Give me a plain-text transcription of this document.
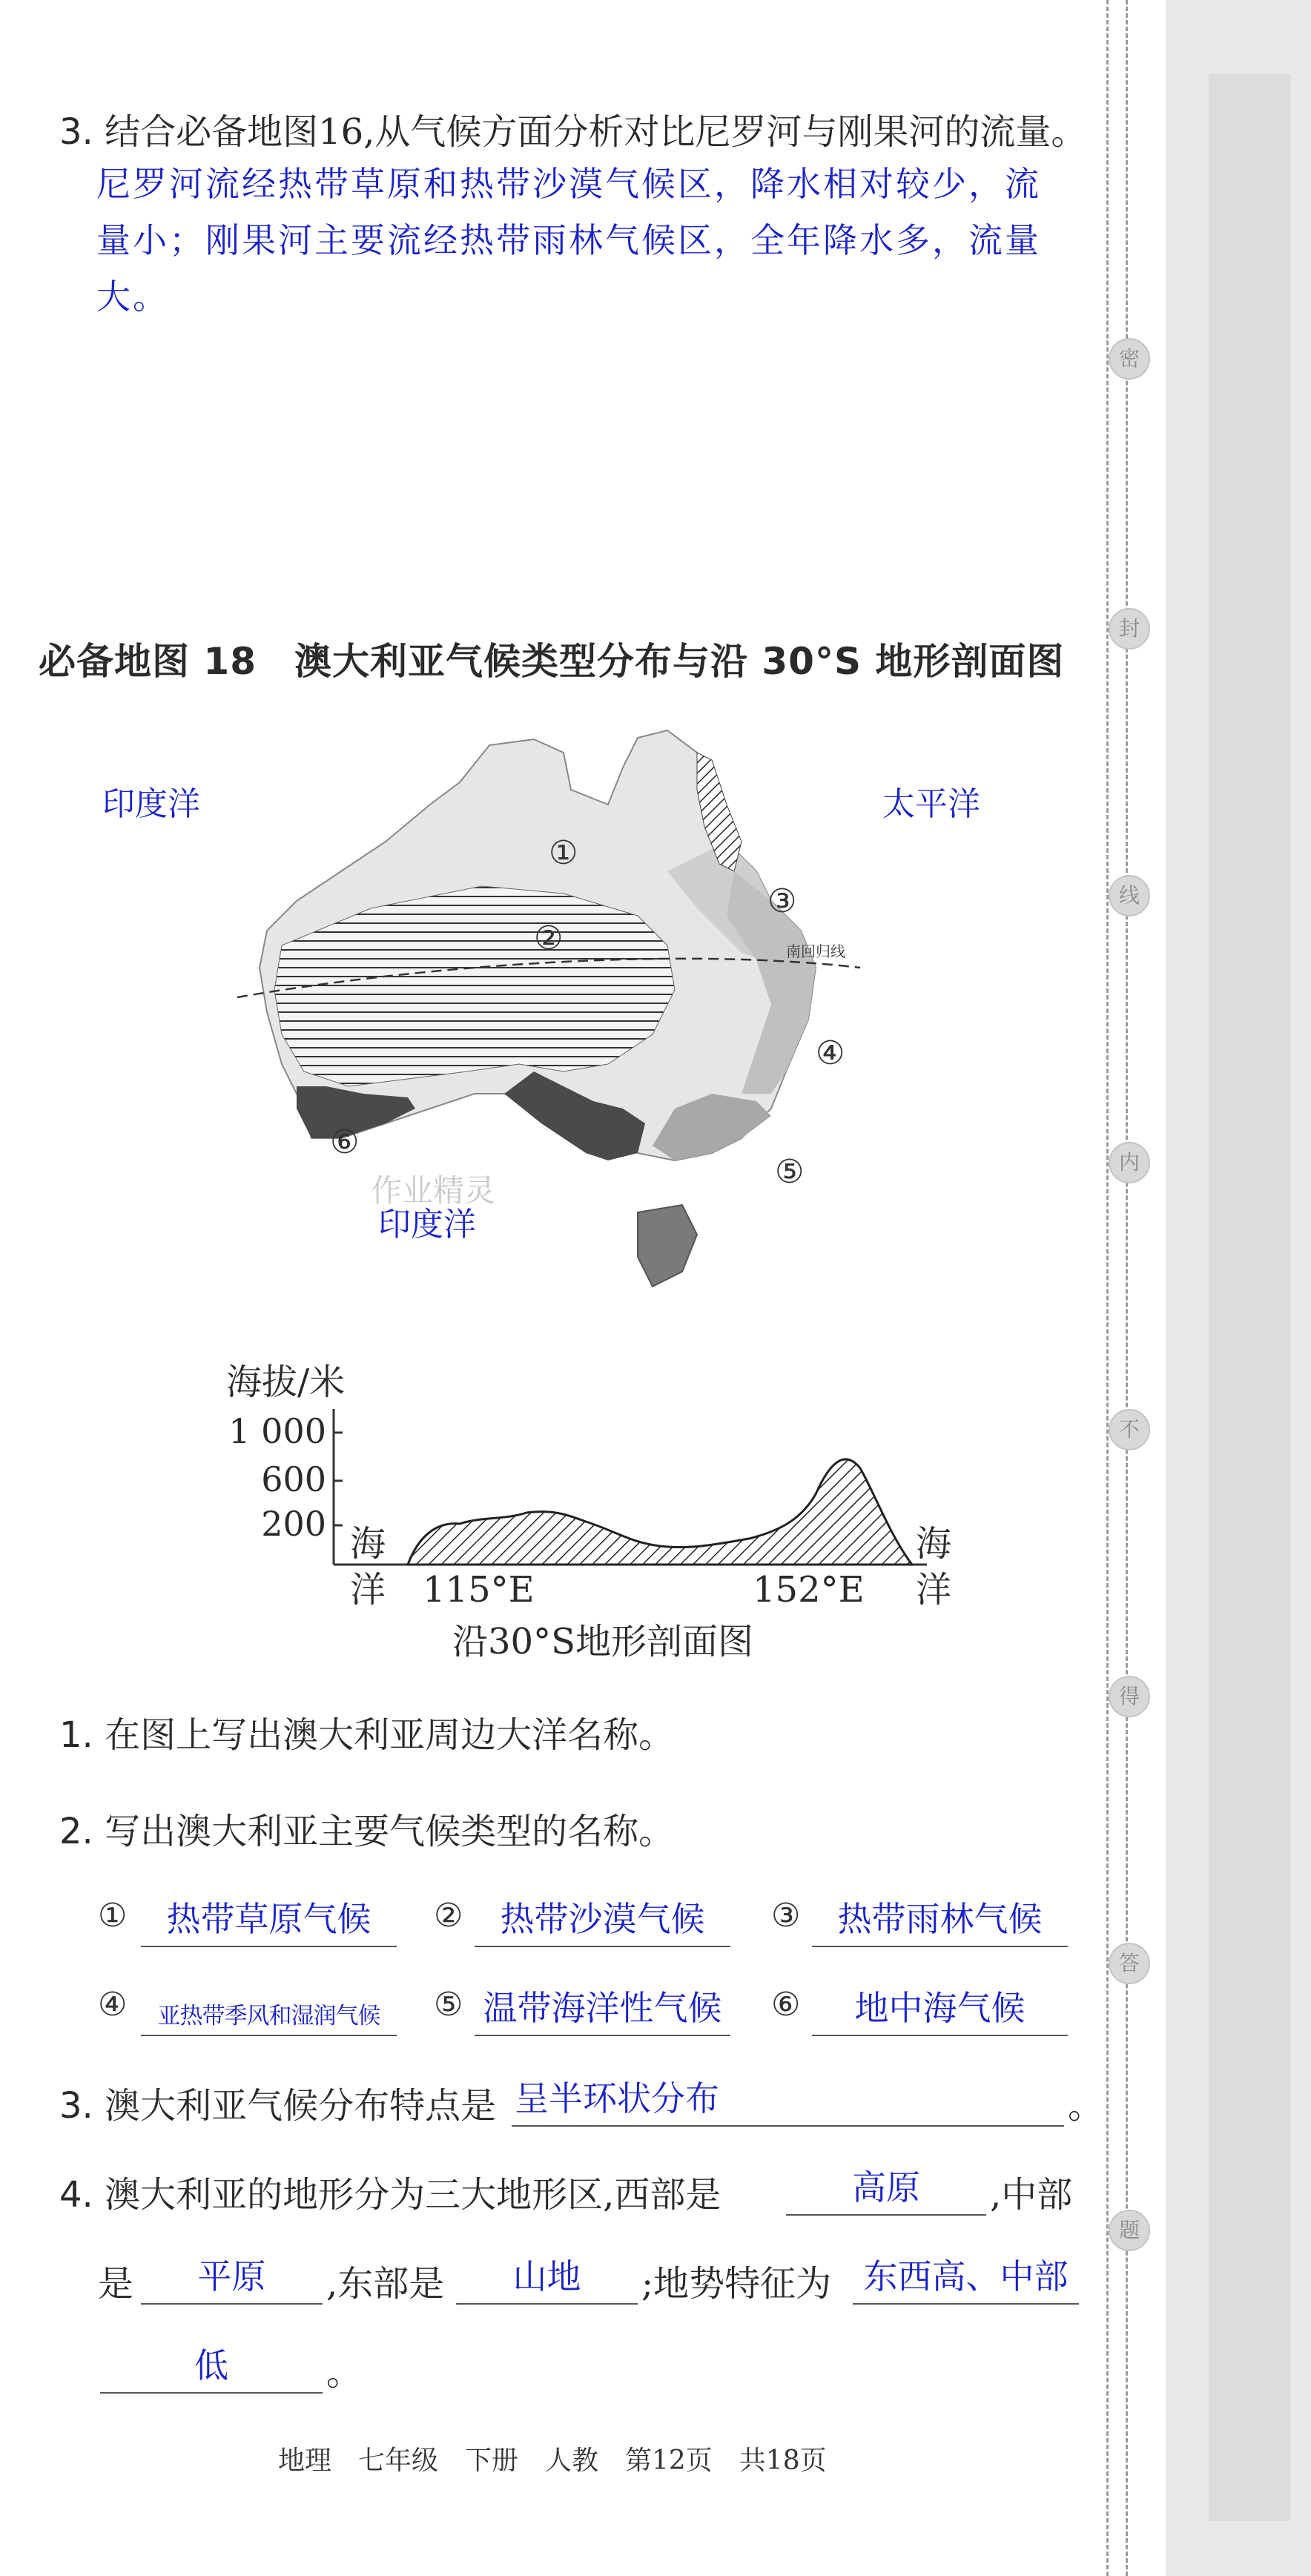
密
封
线
内
不
得
答
题
3. 结合必备地图16,从气候方面分析对比尼罗河与刚果河的流量。
尼罗河流经热带草原和热带沙漠气候区，降水相对较少，流
量小；刚果河主要流经热带雨林气候区，全年降水多，流量
大。
必备地图 18　澳大利亚气候类型分布与沿 30°S 地形剖面图
南回归线
①
②
③
④
⑤
⑥
作业精灵
印度洋	太平洋
印度洋
海拔/米
1 000
600
200 海
洋
海
洋
115°E	152°E
沿30°S地形剖面图
1. 在图上写出澳大利亚周边大洋名称。
2. 写出澳大利亚主要气候类型的名称。
①	热带草原气候	②	热带沙漠气候	③	热带雨林气候
④	亚热带季风和湿润气候	⑤ 温带海洋性气候 ⑥	地中海气候
3. 澳大利亚气候分布特点是 呈半环状分布	。
4. 澳大利亚的地形分为三大地形区,西部是	高原	,中部
是	平原	,东部是	山地	;地势特征为 东西高、中部
低	。
地理　七年级　下册　人教　第12页　共18页
